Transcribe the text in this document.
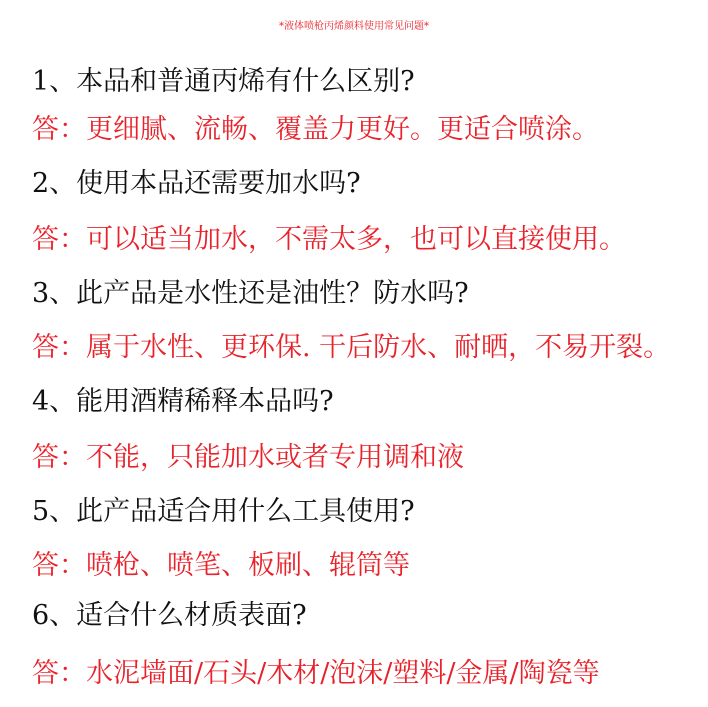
*液体喷枪丙烯颜料使用常见问题*
1、本品和普通丙烯有什么区别?
答：更细腻、流畅、覆盖力更好。更适合喷涂。
2、使用本品还需要加水吗?
答：可以适当加水，不需太多，也可以直接使用。
3、此产品是水性还是油性？防水吗?
答：属于水性、更环保. 干后防水、耐晒，不易开裂。
4、能用酒精稀释本品吗?
答：不能，只能加水或者专用调和液
5、此产品适合用什么工具使用?
答：喷枪、喷笔、板刷、辊筒等
6、适合什么材质表面?
答：水泥墙面/石头/木材/泡沫/塑料/金属/陶瓷等
